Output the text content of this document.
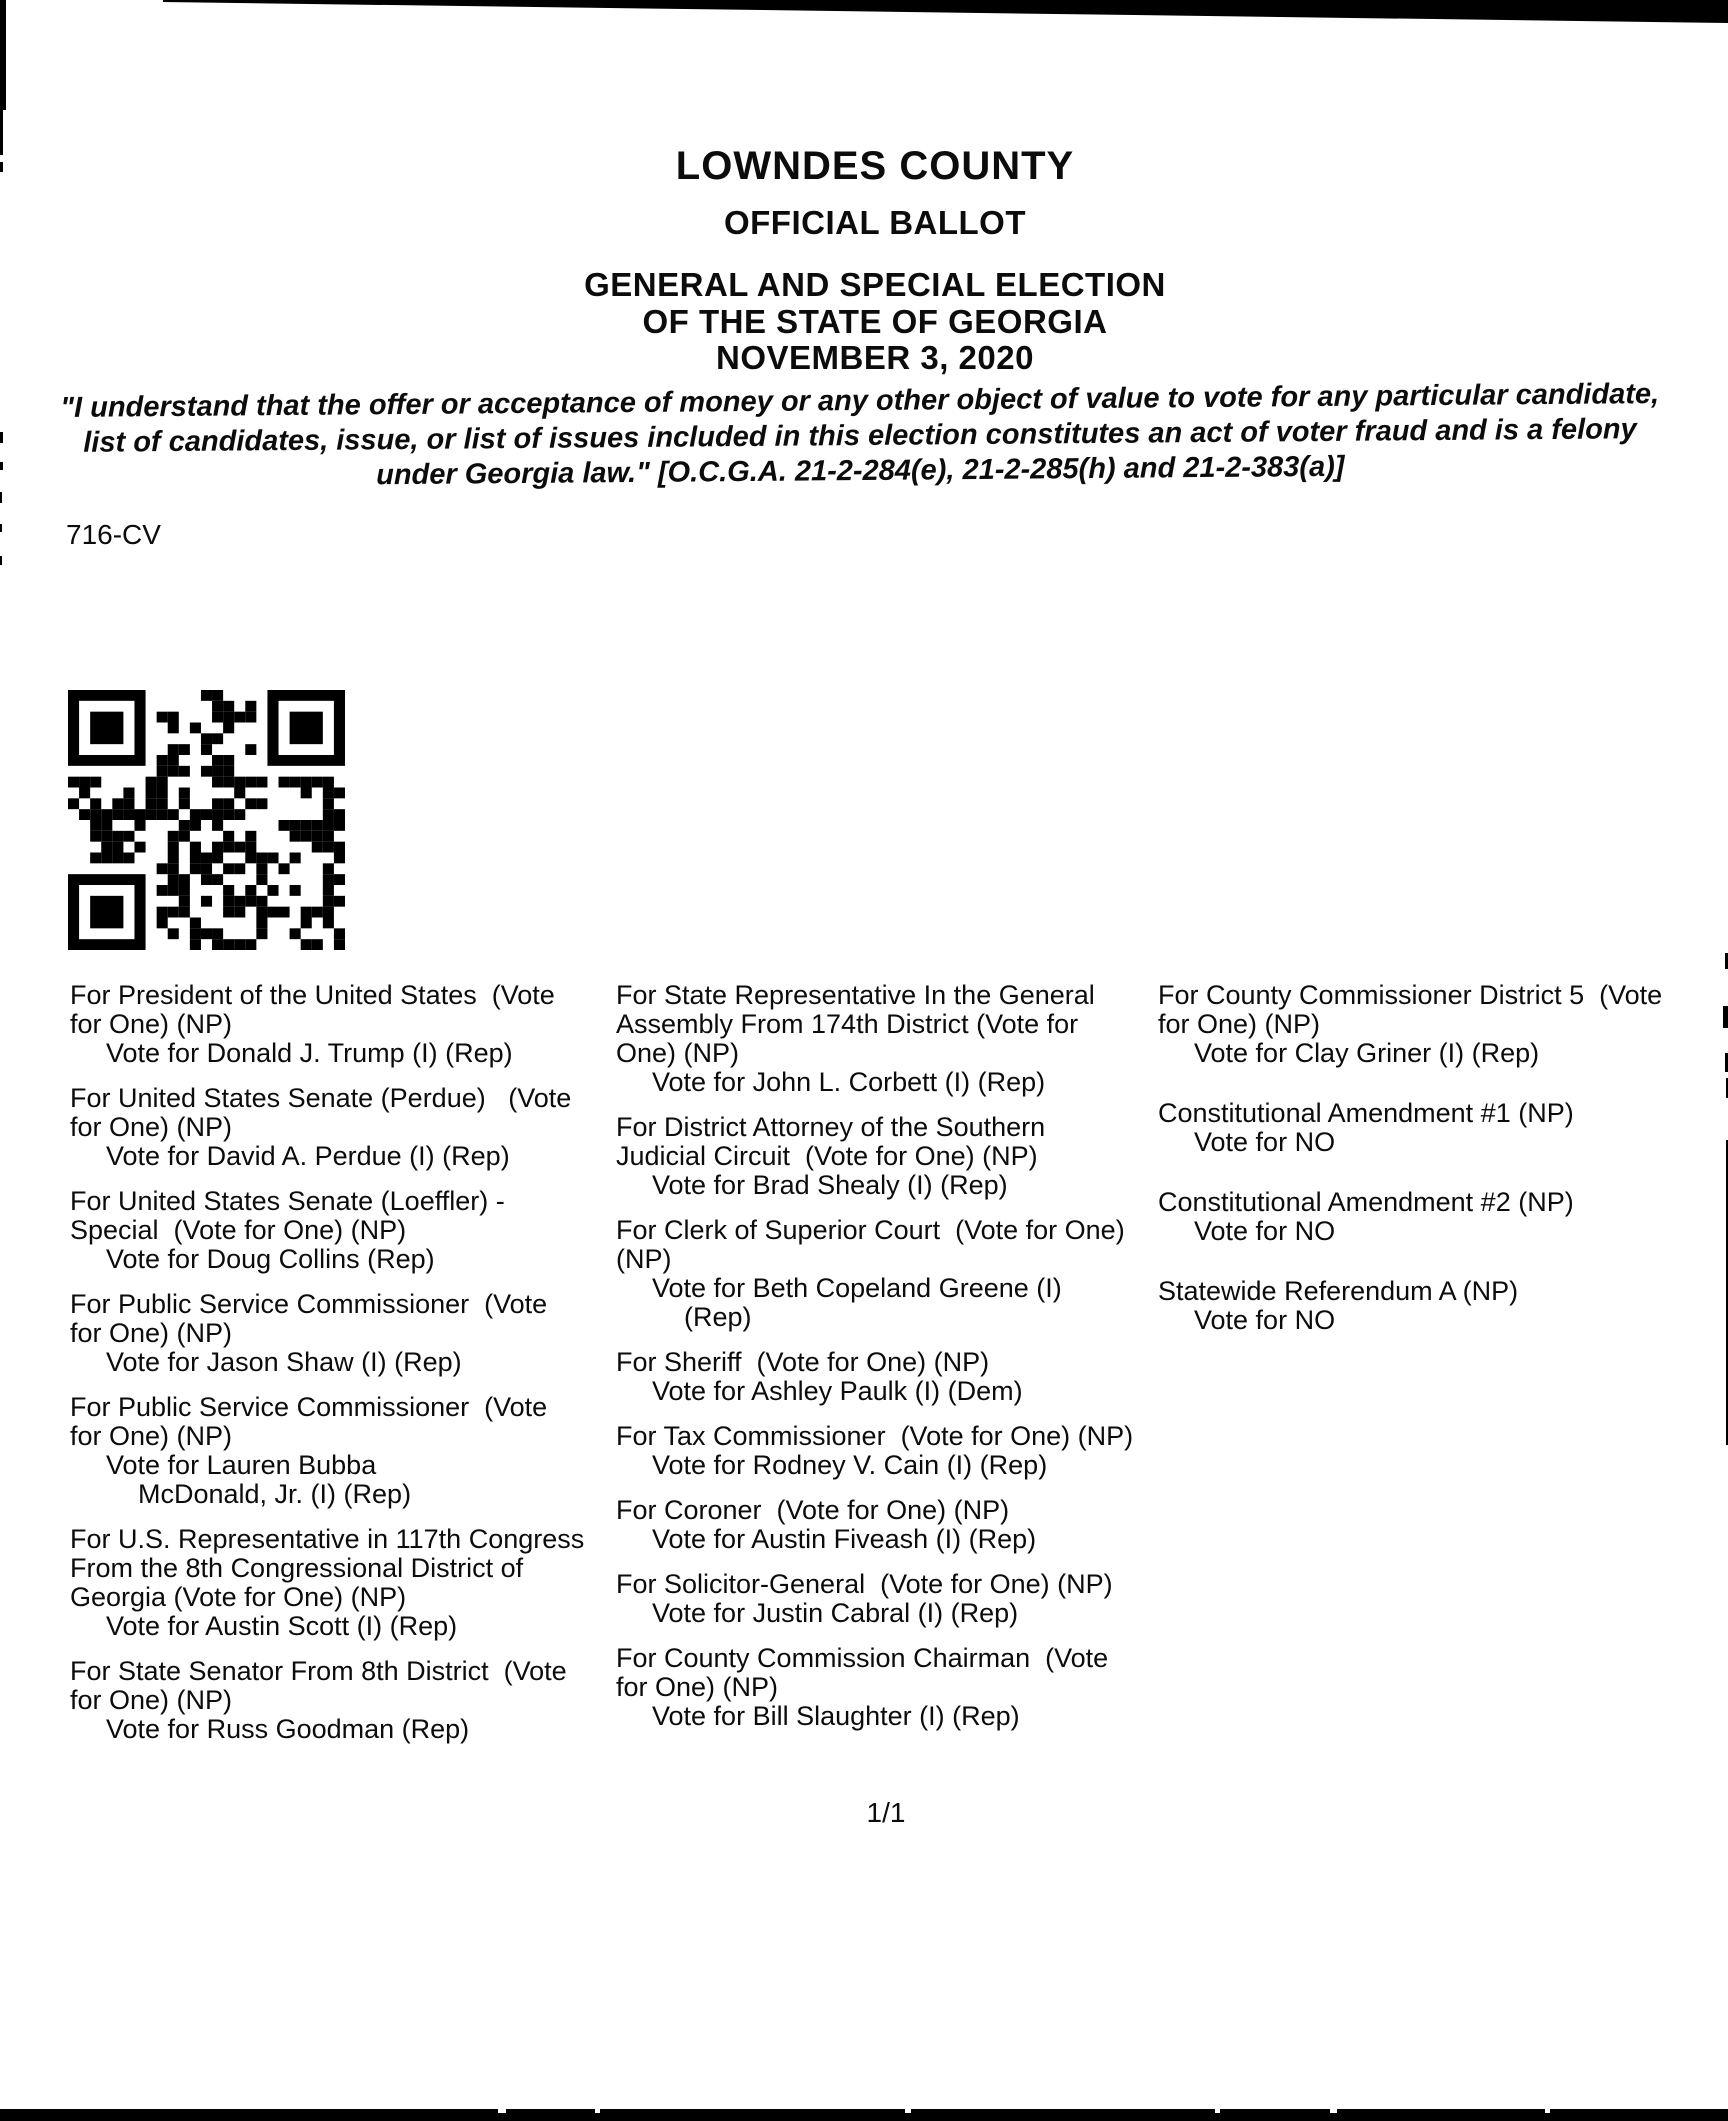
LOWNDES COUNTY
OFFICIAL BALLOT
GENERAL AND SPECIAL ELECTION
OF THE STATE OF GEORGIA
NOVEMBER 3, 2020
"I understand that the offer or acceptance of money or any other object of value to vote for any particular candidate,
list of candidates, issue, or list of issues included in this election constitutes an act of voter fraud and is a felony
under Georgia law." [O.C.G.A. 21-2-284(e), 21-2-285(h) and 21-2-383(a)]
716-CV
For President of the United States  (Vote
for One) (NP)
Vote for Donald J. Trump (I) (Rep)
For United States Senate (Perdue)   (Vote
for One) (NP)
Vote for David A. Perdue (I) (Rep)
For United States Senate (Loeffler) -
Special  (Vote for One) (NP)
Vote for Doug Collins (Rep)
For Public Service Commissioner  (Vote
for One) (NP)
Vote for Jason Shaw (I) (Rep)
For Public Service Commissioner  (Vote
for One) (NP)
Vote for Lauren Bubba
McDonald, Jr. (I) (Rep)
For U.S. Representative in 117th Congress
From the 8th Congressional District of
Georgia (Vote for One) (NP)
Vote for Austin Scott (I) (Rep)
For State Senator From 8th District  (Vote
for One) (NP)
Vote for Russ Goodman (Rep)
For State Representative In the General
Assembly From 174th District (Vote for
One) (NP)
Vote for John L. Corbett (I) (Rep)
For District Attorney of the Southern
Judicial Circuit  (Vote for One) (NP)
Vote for Brad Shealy (I) (Rep)
For Clerk of Superior Court  (Vote for One)
(NP)
Vote for Beth Copeland Greene (I)
(Rep)
For Sheriff  (Vote for One) (NP)
Vote for Ashley Paulk (I) (Dem)
For Tax Commissioner  (Vote for One) (NP)
Vote for Rodney V. Cain (I) (Rep)
For Coroner  (Vote for One) (NP)
Vote for Austin Fiveash (I) (Rep)
For Solicitor-General  (Vote for One) (NP)
Vote for Justin Cabral (I) (Rep)
For County Commission Chairman  (Vote
for One) (NP)
Vote for Bill Slaughter (I) (Rep)
For County Commissioner District 5  (Vote
for One) (NP)
Vote for Clay Griner (I) (Rep)
Constitutional Amendment #1 (NP)
Vote for NO
Constitutional Amendment #2 (NP)
Vote for NO
Statewide Referendum A (NP)
Vote for NO
1/1
